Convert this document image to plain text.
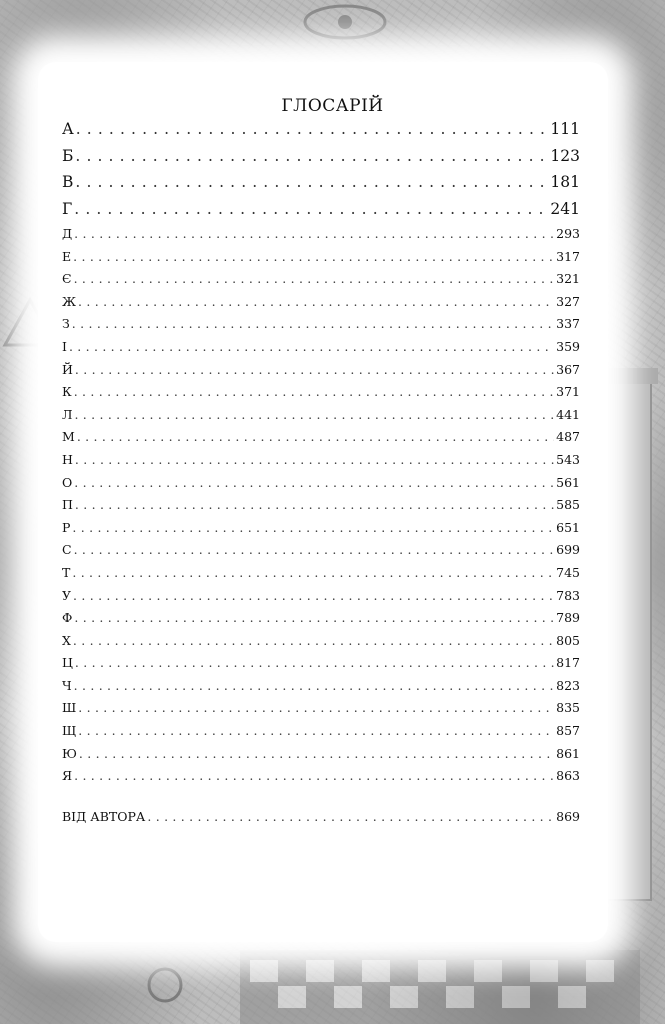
ГЛОСАРІЙ
А . . .	111
Б . . .	123
В . . .	181
Г . . .	241
Д . . .	293
Е . . .	317
Є . . .	321
Ж . . .	327
З . . .	337
І . . .	359
Й . . .	367
К . . .	371
Л . . .	441
М . . .	487
Н . . .	543
О . . .	561
П . . .	585
Р . . .	651
С . . .	699
Т . . .	745
У . . .	783
Ф . . .	789
Х . . .	805
Ц . . .	817
Ч . . .	823
Ш . . .	835
Щ . . .	857
Ю . . .	861
Я . . .	863
ВІД АВТОРА . . .	869
